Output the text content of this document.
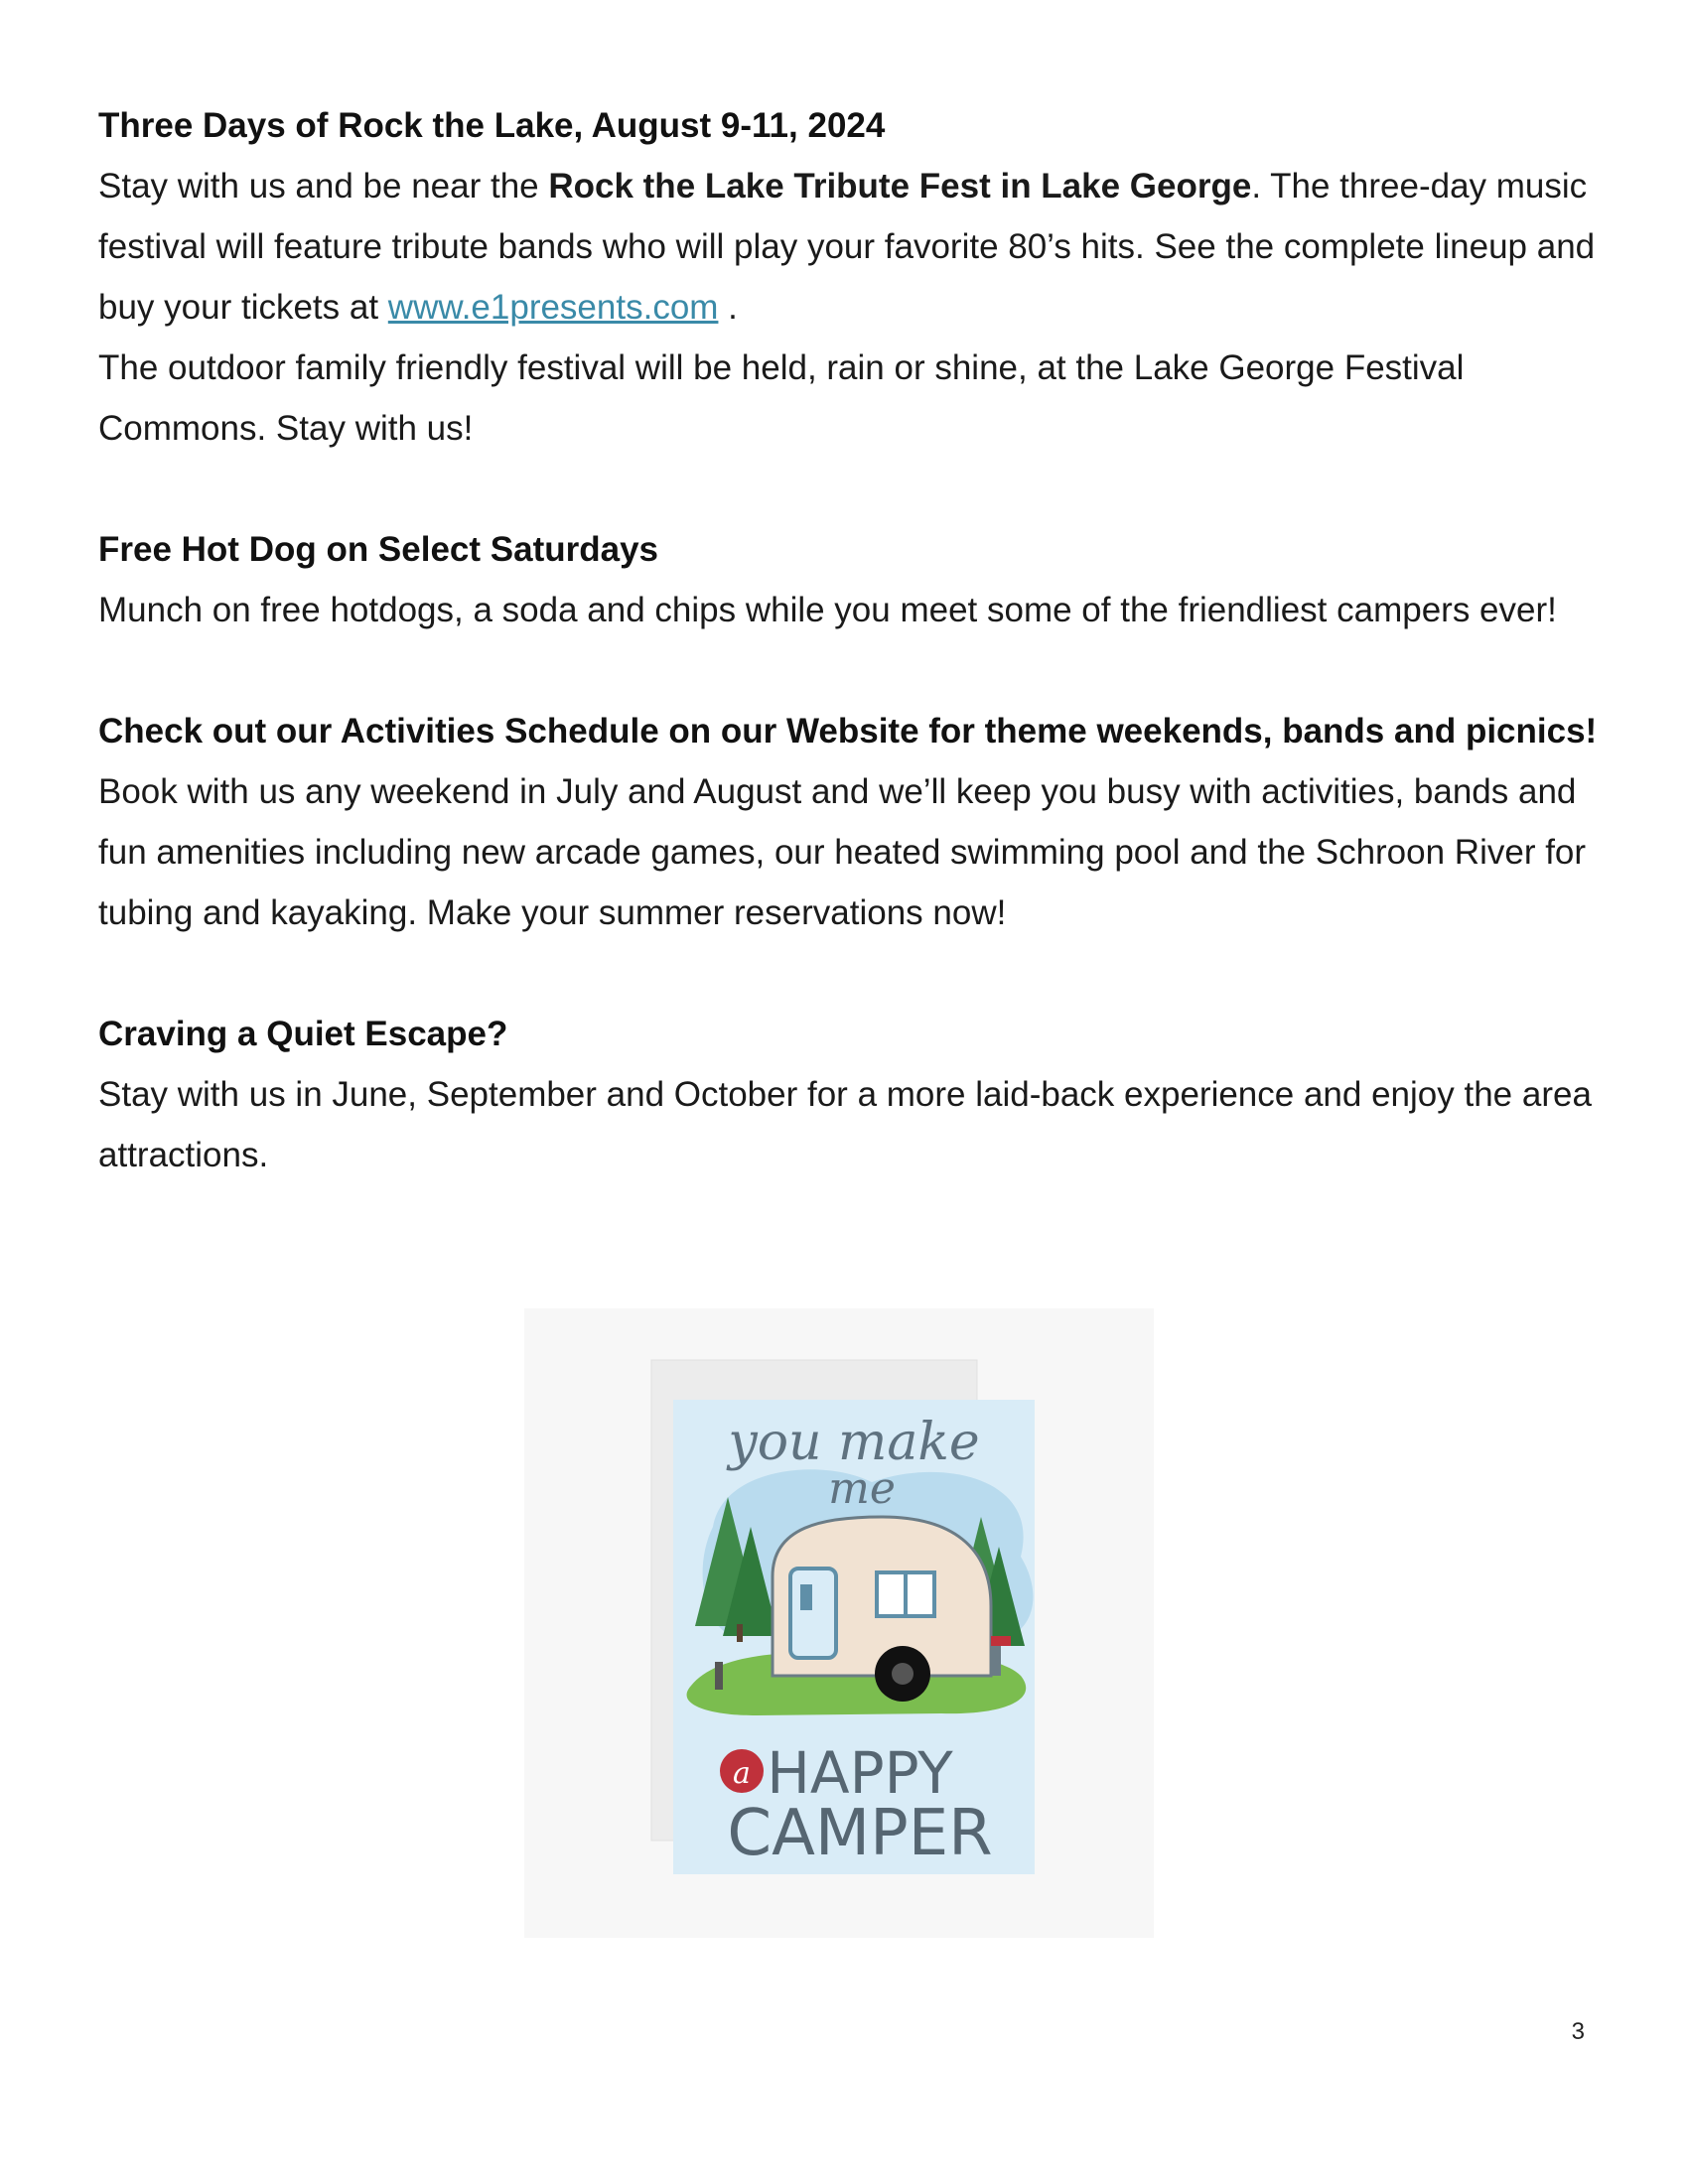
Three Days of Rock the Lake, August 9-11, 2024

Stay with us and be near the Rock the Lake Tribute Fest in Lake George. The three-day music festival will feature tribute bands who will play your favorite 80’s hits. See the complete lineup and buy your tickets at www.e1presents.com .

The outdoor family friendly festival will be held, rain or shine, at the Lake George Festival Commons. Stay with us!

Free Hot Dog on Select Saturdays

Munch on free hotdogs, a soda and chips while you meet some of the friendliest campers ever!

Check out our Activities Schedule on our Website for theme weekends, bands and picnics!

Book with us any weekend in July and August and we’ll keep you busy with activities, bands and fun amenities including new arcade games, our heated swimming pool and the Schroon River for tubing and kayaking. Make your summer reservations now!

Craving a Quiet Escape?

Stay with us in June, September and October for a more laid-back experience and enjoy the area attractions.

you make
me
a HAPPY
CAMPER
3
